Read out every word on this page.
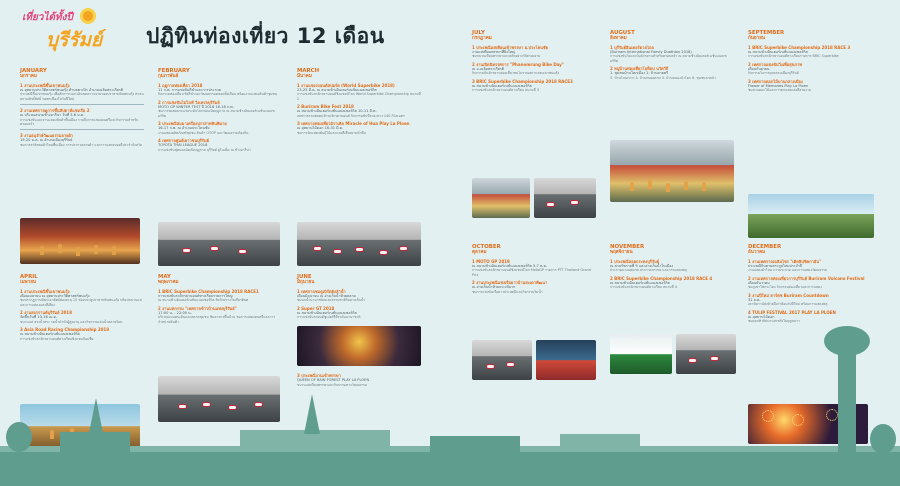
เที่ยวได้ทั้งปี
บุรีรัมย์ ปฏิทินท่องเที่ยว 12 เดือน
JANUARY
มกราคม
1 งานประเพณีขึ้นเขาพนมรุ้ง
ณ อุทยานประวัติศาสตร์พนมรุ้ง ตำบลตาเป๊ก อำเภอเฉลิมพระเกียรติ
ประเพณีขึ้นเขาพนมรุ้ง เพื่อสักการะและเดินชมความงามของปราสาทหินพนมรุ้ง ศาสนสถานศักดิ์สิทธิ์ ขอพรเนื่องในวันปีใหม่
2 งานเทศกาลดูการขึ้นสัปดาห์แข่งเรือ 2
ณ บริเวณสนามช้างอารีน่า วันที่ 5-6 ม.ค.
การแข่งขันและงานแสดงสินค้าพื้นเมือง รวมถึงการแสดงดนตรีและกิจกรรมสำหรับครอบครัว
3 งานอนุรักษ์วัฒนธรรมลายผ้า
19-20 ม.ค. ณ อำเภอเมืองบุรีรัมย์
ชมการสาธิตทอผ้าไหมพื้นเมือง การประกวดลายผ้า และการแสดงของดีประจำจังหวัด
FEBRUARY
กุมภาพันธ์
1 ฤดูกาลท่องเที่ยว 2018
11 ก.พ. การแข่งขันกีฬาและการประกวด
กิจกรรมท่องเที่ยวเชิงกีฬาและวัฒนธรรมตลอดทั้งเดือน พร้อมงานแสดงสินค้าชุมชน
2 การแข่งขันไม่ไลฟ์ วิ่งเทรลบุรีรัมย์
MOTO GP WINTER TEST ปี 2018 16-18 ก.พ.
ชมการทดสอบรถแข่งระดับโลกก่อนเปิดฤดูกาล ณ สนามช้างอินเตอร์เนชั่นแนลเซอร์กิต
3 ประเพณีสมมาเครื่องปราสาทหินพิมาย
16-17 ก.พ. ณ อำเภอประโคนชัย
งานแสดงผลิตภัณฑ์ชุมชน สินค้า OTOP และวัฒนธรรมท้องถิ่น
4 เทศกาลศูนย์เยาวชนบุรีรัมย์
TOYOTA THAI LEAGUE 2018
การแข่งขันฟุตบอลนัดเปิดฤดูกาล บุรีรัมย์ ยูไนเต็ด ณ ช้างอารีน่า
MARCH
มีนาคม
1 งานแข่งรถยนต์สปอร์ต (World Superbike 2018)
23-25 มี.ค. ณ สนามช้างอินเตอร์เนชั่นแนลเซอร์กิต
การแข่งขันรถจักรยานยนต์ชิงแชมป์โลก World Superbike Championship สนามที่ 2
2 Buriram Bike Fest 2018
ณ สนามช้างอินเตอร์เนชั่นแนลเซอร์กิต 10-11 มี.ค.
เทศกาลรวมพลคนรักรถจักรยานยนต์ กิจกรรมขับขี่ระยะทาง 140 กิโลเมตร
3 เทศกาลท่องเที่ยวมิราเคิล Miracle of Hua Play La Ploen
ณ อุทยานไม้ดอก 16-31 มี.ค.
ชมการจัดแสดงพันธุ์ไม้และแสงสีเสียงยามค่ำคืน
APRIL
เมษายน
1 งานประเพณีขึ้นเขาพนมรุ้ง
เดือนเมษายน ณ อุทยานประวัติศาสตร์พนมรุ้ง
ชมปรากฏการณ์พระอาทิตย์ส่องทะลุ 15 ช่องประตูปราสาทหินพนมรุ้ง พร้อมขบวนแห่และการแสดงแสงสีเสียง
2 งานสงกรานต์บุรีรัมย์ 2018
จัดขึ้นวันที่ 13-16 เม.ย.
ขบวนแห่ สรงน้ำพระ รดน้ำดำหัวผู้สูงอายุ และกิจกรรมเล่นน้ำคลายร้อน
3 Asia Road Racing Championship 2018
ณ สนามช้างอินเตอร์เนชั่นแนลเซอร์กิต
การแข่งขันรถจักรยานยนต์ทางเรียบชิงแชมป์เอเชีย
MAY
พฤษภาคม
1 BRIC Superbike Championship 2018 RACE1
การแข่งขันรถจักรยานยนต์ทางเรียบรายการใหญ่
ณ สนามช้างอินเตอร์เนชั่นแนลเซอร์กิต ชิงถ้วยรางวัลเกียรติยศ
2 งานมหกรรม "เทศกาลข้าวบ้านแห่งบุรีรัมย์"
17:00 น. - 22:00 น.
บริเวณถนนคนเดินและตลาดชุมชน ชิมอาหารพื้นบ้าน ชมการแสดงดนตรีและการจำหน่ายสินค้า
JUNE
มิถุนายน
1 เทศกาลชมดูเบิร์ดดิงลำน้ำ
เดือนมิถุนายน ณ อ่างเก็บน้ำห้วยตลาด
ชมนกน้ำนานาชนิดและธรรมชาติริมอ่างเก็บน้ำ
2 Super GT 2018
ณ สนามช้างอินเตอร์เนชั่นแนลเซอร์กิต
การแข่งขันรถยนต์ซูเปอร์จีทีระดับนานาชาติ
3 ประเพณีงานเข้าพรรษา
QUEEN OF RAIN FOREST PLAY LA PLOEN
ขบวนแห่เทียนพรรษาและกิจกรรมทางวัฒนธรรม
JULY
กรกฎาคม
1 ประเพณีแห่เทียนเข้าพรรษา อ.ประโคนชัย
งานแห่เทียนพรรษาที่ยิ่งใหญ่
ชมขบวนเทียนพรรษาแกะสลักอย่างวิจิตรงดงาม
2 งานเปิดนิทรรศการ "Phanomrung Bike Day"
ณ อ.เฉลิมพระเกียรติ
กิจกรรมปั่นจักรยานท่องเที่ยวชมโบราณสถานรอบเขาพนมรุ้ง
3 BRIC Superbike Championship 2018 RACE3
ณ สนามช้างอินเตอร์เนชั่นแนลเซอร์กิต
การแข่งขันรถจักรยานยนต์ทางเรียบ สนามที่ 3
AUGUST
สิงหาคม
1 บุรีรัมย์อินเตอร์ดวลไถล
(Buriram International Family Duathlon 2018)
การแข่งขันวิ่งและปั่นจักรยานสำหรับครอบครัว ณ สนามช้างอินเตอร์เนชั่นแนลเซอร์กิต
2 หมู่บ้านท่องเที่ยวโอท็อป นวัตวิถี
1. ชุมชนบ้านโคกเมือง 2. บ้านสายตรี
3. บ้านโนนเขวา 4. บ้านหนองตาด 5. บ้านหนองบัวโคก 6. ชุมชนลาดบัว
SEPTEMBER
กันยายน
1 BRIC Superbike Championship 2018 RACE 3
ณ สนามช้างอินเตอร์เนชั่นแนลเซอร์กิต
การแข่งขันรถจักรยานยนต์ทางเรียบรายการ BRIC Superbike
2 เทศกาลแข่งขันวิ่งเพื่อสุขภาพ
เดือนกันยายน
กิจกรรมวิ่งการกุศลรอบเมืองบุรีรัมย์
3 เทศกาลดอกไม้บานกลางเมือง
Flower of Memories Play La Ploen
ชมสวนดอกไม้และการตกแต่งแสงสีสวยงาม
OCTOBER
ตุลาคม
1 MOTO GP 2019
ณ สนามช้างอินเตอร์เนชั่นแนลเซอร์กิต 5-7 ต.ค.
การแข่งขันรถจักรยานยนต์ชิงแชมป์โลก MotoGP รายการ PTT Thailand Grand Prix
2 งานประเพณีแข่งเรือยาวบ้านสะเดาพัฒนา
ณ อ่างเก็บน้ำห้วยจระเข้มาก
ชมการแข่งขันเรือยาวประเพณีและกิจกรรมริมน้ำ
NOVEMBER
พฤศจิกายน
1 ประเพณีลอยกระทงบุรีรัมย์
ณ สวนรัชกาลที่ 9 และอ่างเก็บน้ำในเมือง
ประกวดนางนพมาศ ประกวดกระทง และการแสดงพลุ
2 BRIC Superbike Championship 2018 RACE 4
ณ สนามช้างอินเตอร์เนชั่นแนลเซอร์กิต
การแข่งขันรถจักรยานยนต์ทางเรียบ สนามที่ 4
DECEMBER
ธันวาคม
1 งานเทศกาลเฉลิมไชร "เติดฮิปชิคกาอัน"
ประเพณีกินตามตระกูลไหมประจำปี
งานแสดงผ้าไหม การประกวด และการแสดงวัฒนธรรม
2 งานเทศกาลท่องเที่ยวการบุรีรัมย์ Buriram Volcano Festival
เดือนธันวาคม
ชมภูเขาไฟกระโดง กิจกรรมท่องเที่ยวและการแสดง
3 งานปีใหม่ ฮาร์ตซ Buriram Countdown
31 ธ.ค.
เคาท์ดาวน์ส่งท้ายปีเก่าต้อนรับปีใหม่ พร้อมการแสดงพลุ
4 TULIP FESTIVAL 2017 PLAY LA PLOEN
ณ อุทยานไม้ดอก
ชมดอกทิวลิปบานสะพรั่งในฤดูหนาว
